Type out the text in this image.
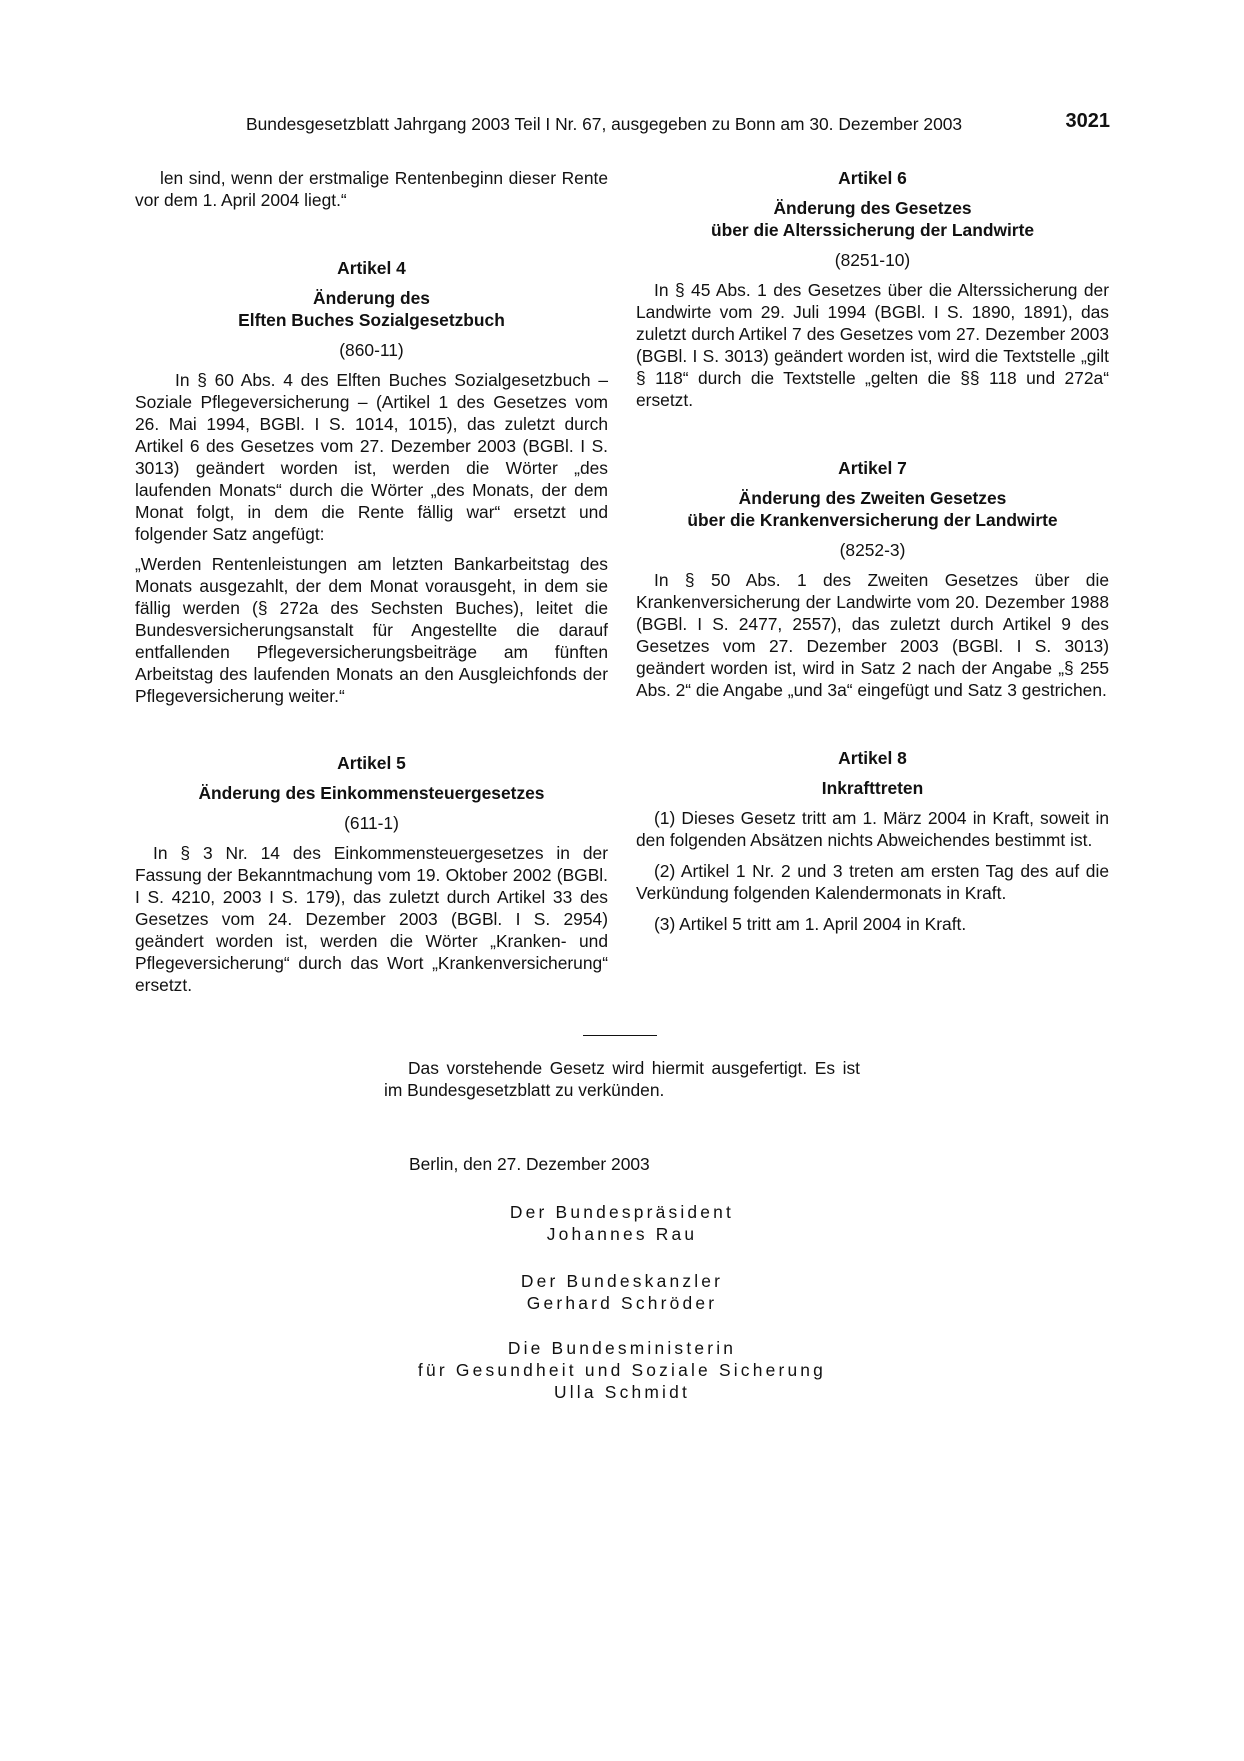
Bundesgesetzblatt Jahrgang 2003 Teil I Nr. 67, ausgegeben zu Bonn am 30. Dezember 2003	3021

len sind, wenn der erstmalige Rentenbeginn dieser Rente vor dem 1. April 2004 liegt.“

Artikel 4
Änderung des
Elften Buches Sozialgesetzbuch
(860-11)

In § 60 Abs. 4 des Elften Buches Sozialgesetzbuch – Soziale Pflegeversicherung – (Artikel 1 des Gesetzes vom 26. Mai 1994, BGBl. I S. 1014, 1015), das zuletzt durch Artikel 6 des Gesetzes vom 27. Dezember 2003 (BGBl. I S. 3013) geändert worden ist, werden die Wörter „des laufenden Monats“ durch die Wörter „des Monats, der dem Monat folgt, in dem die Rente fällig war“ ersetzt und folgender Satz angefügt:

„Werden Rentenleistungen am letzten Bankarbeitstag des Monats ausgezahlt, der dem Monat vorausgeht, in dem sie fällig werden (§ 272a des Sechsten Buches), leitet die Bundesversicherungsanstalt für Angestellte die darauf entfallenden Pflegeversicherungsbeiträge am fünften Arbeitstag des laufenden Monats an den Ausgleichfonds der Pflegeversicherung weiter.“

Artikel 5
Änderung des Einkommensteuergesetzes
(611-1)

In § 3 Nr. 14 des Einkommensteuergesetzes in der Fassung der Bekanntmachung vom 19. Oktober 2002 (BGBl. I S. 4210, 2003 I S. 179), das zuletzt durch Artikel 33 des Gesetzes vom 24. Dezember 2003 (BGBl. I S. 2954) geändert worden ist, werden die Wörter „Kranken- und Pflegeversicherung“ durch das Wort „Krankenversicherung“ ersetzt.

Artikel 6
Änderung des Gesetzes
über die Alterssicherung der Landwirte
(8251-10)

In § 45 Abs. 1 des Gesetzes über die Alterssicherung der Landwirte vom 29. Juli 1994 (BGBl. I S. 1890, 1891), das zuletzt durch Artikel 7 des Gesetzes vom 27. Dezember 2003 (BGBl. I S. 3013) geändert worden ist, wird die Textstelle „gilt § 118“ durch die Textstelle „gelten die §§ 118 und 272a“ ersetzt.

Artikel 7
Änderung des Zweiten Gesetzes
über die Krankenversicherung der Landwirte
(8252-3)

In § 50 Abs. 1 des Zweiten Gesetzes über die Krankenversicherung der Landwirte vom 20. Dezember 1988 (BGBl. I S. 2477, 2557), das zuletzt durch Artikel 9 des Gesetzes vom 27. Dezember 2003 (BGBl. I S. 3013) geändert worden ist, wird in Satz 2 nach der Angabe „§ 255 Abs. 2“ die Angabe „und 3a“ eingefügt und Satz 3 gestrichen.

Artikel 8
Inkrafttreten

(1) Dieses Gesetz tritt am 1. März 2004 in Kraft, soweit in den folgenden Absätzen nichts Abweichendes bestimmt ist.

(2) Artikel 1 Nr. 2 und 3 treten am ersten Tag des auf die Verkündung folgenden Kalendermonats in Kraft.

(3) Artikel 5 tritt am 1. April 2004 in Kraft.

Das vorstehende Gesetz wird hiermit ausgefertigt. Es ist im Bundesgesetzblatt zu verkünden.

Berlin, den 27. Dezember 2003
Der Bundespräsident
Johannes Rau
Der Bundeskanzler
Gerhard Schröder
Die Bundesministerin
für Gesundheit und Soziale Sicherung
Ulla Schmidt
